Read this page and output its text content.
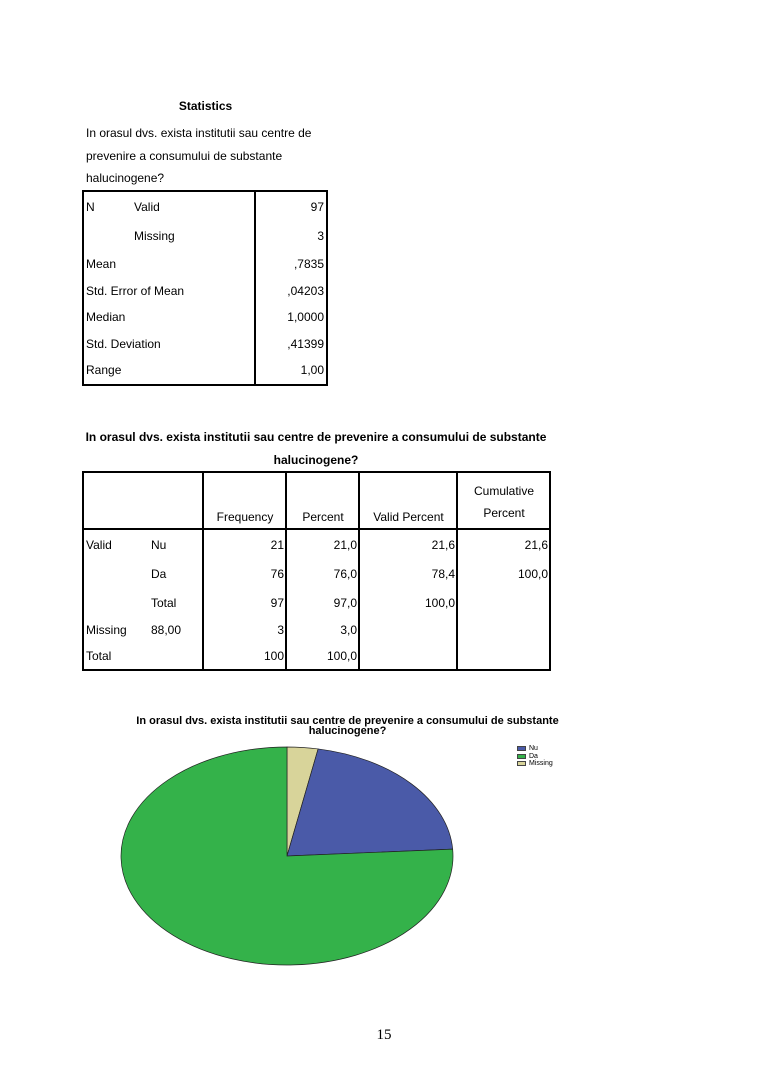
Statistics
In orasul dvs. exista institutii sau centre de prevenire a consumului de substante halucinogene?
N	Valid	97
	Missing	3
Mean		,7835
Std. Error of Mean		,04203
Median		1,0000
Std. Deviation		,41399
Range		1,00
In orasul dvs. exista institutii sau centre de prevenire a consumului de substante halucinogene?
		Frequency	Percent	Valid Percent	Cumulative
Percent

Valid	Nu	21	21,0	21,6	21,6
	Da	76	76,0	78,4	100,0
	Total	97	97,0	100,0	
Missing	88,00	3	3,0		
Total		100	100,0		
In orasul dvs. exista institutii sau centre de prevenire a consumului de substante halucinogene?
Nu
Da
Missing
15
